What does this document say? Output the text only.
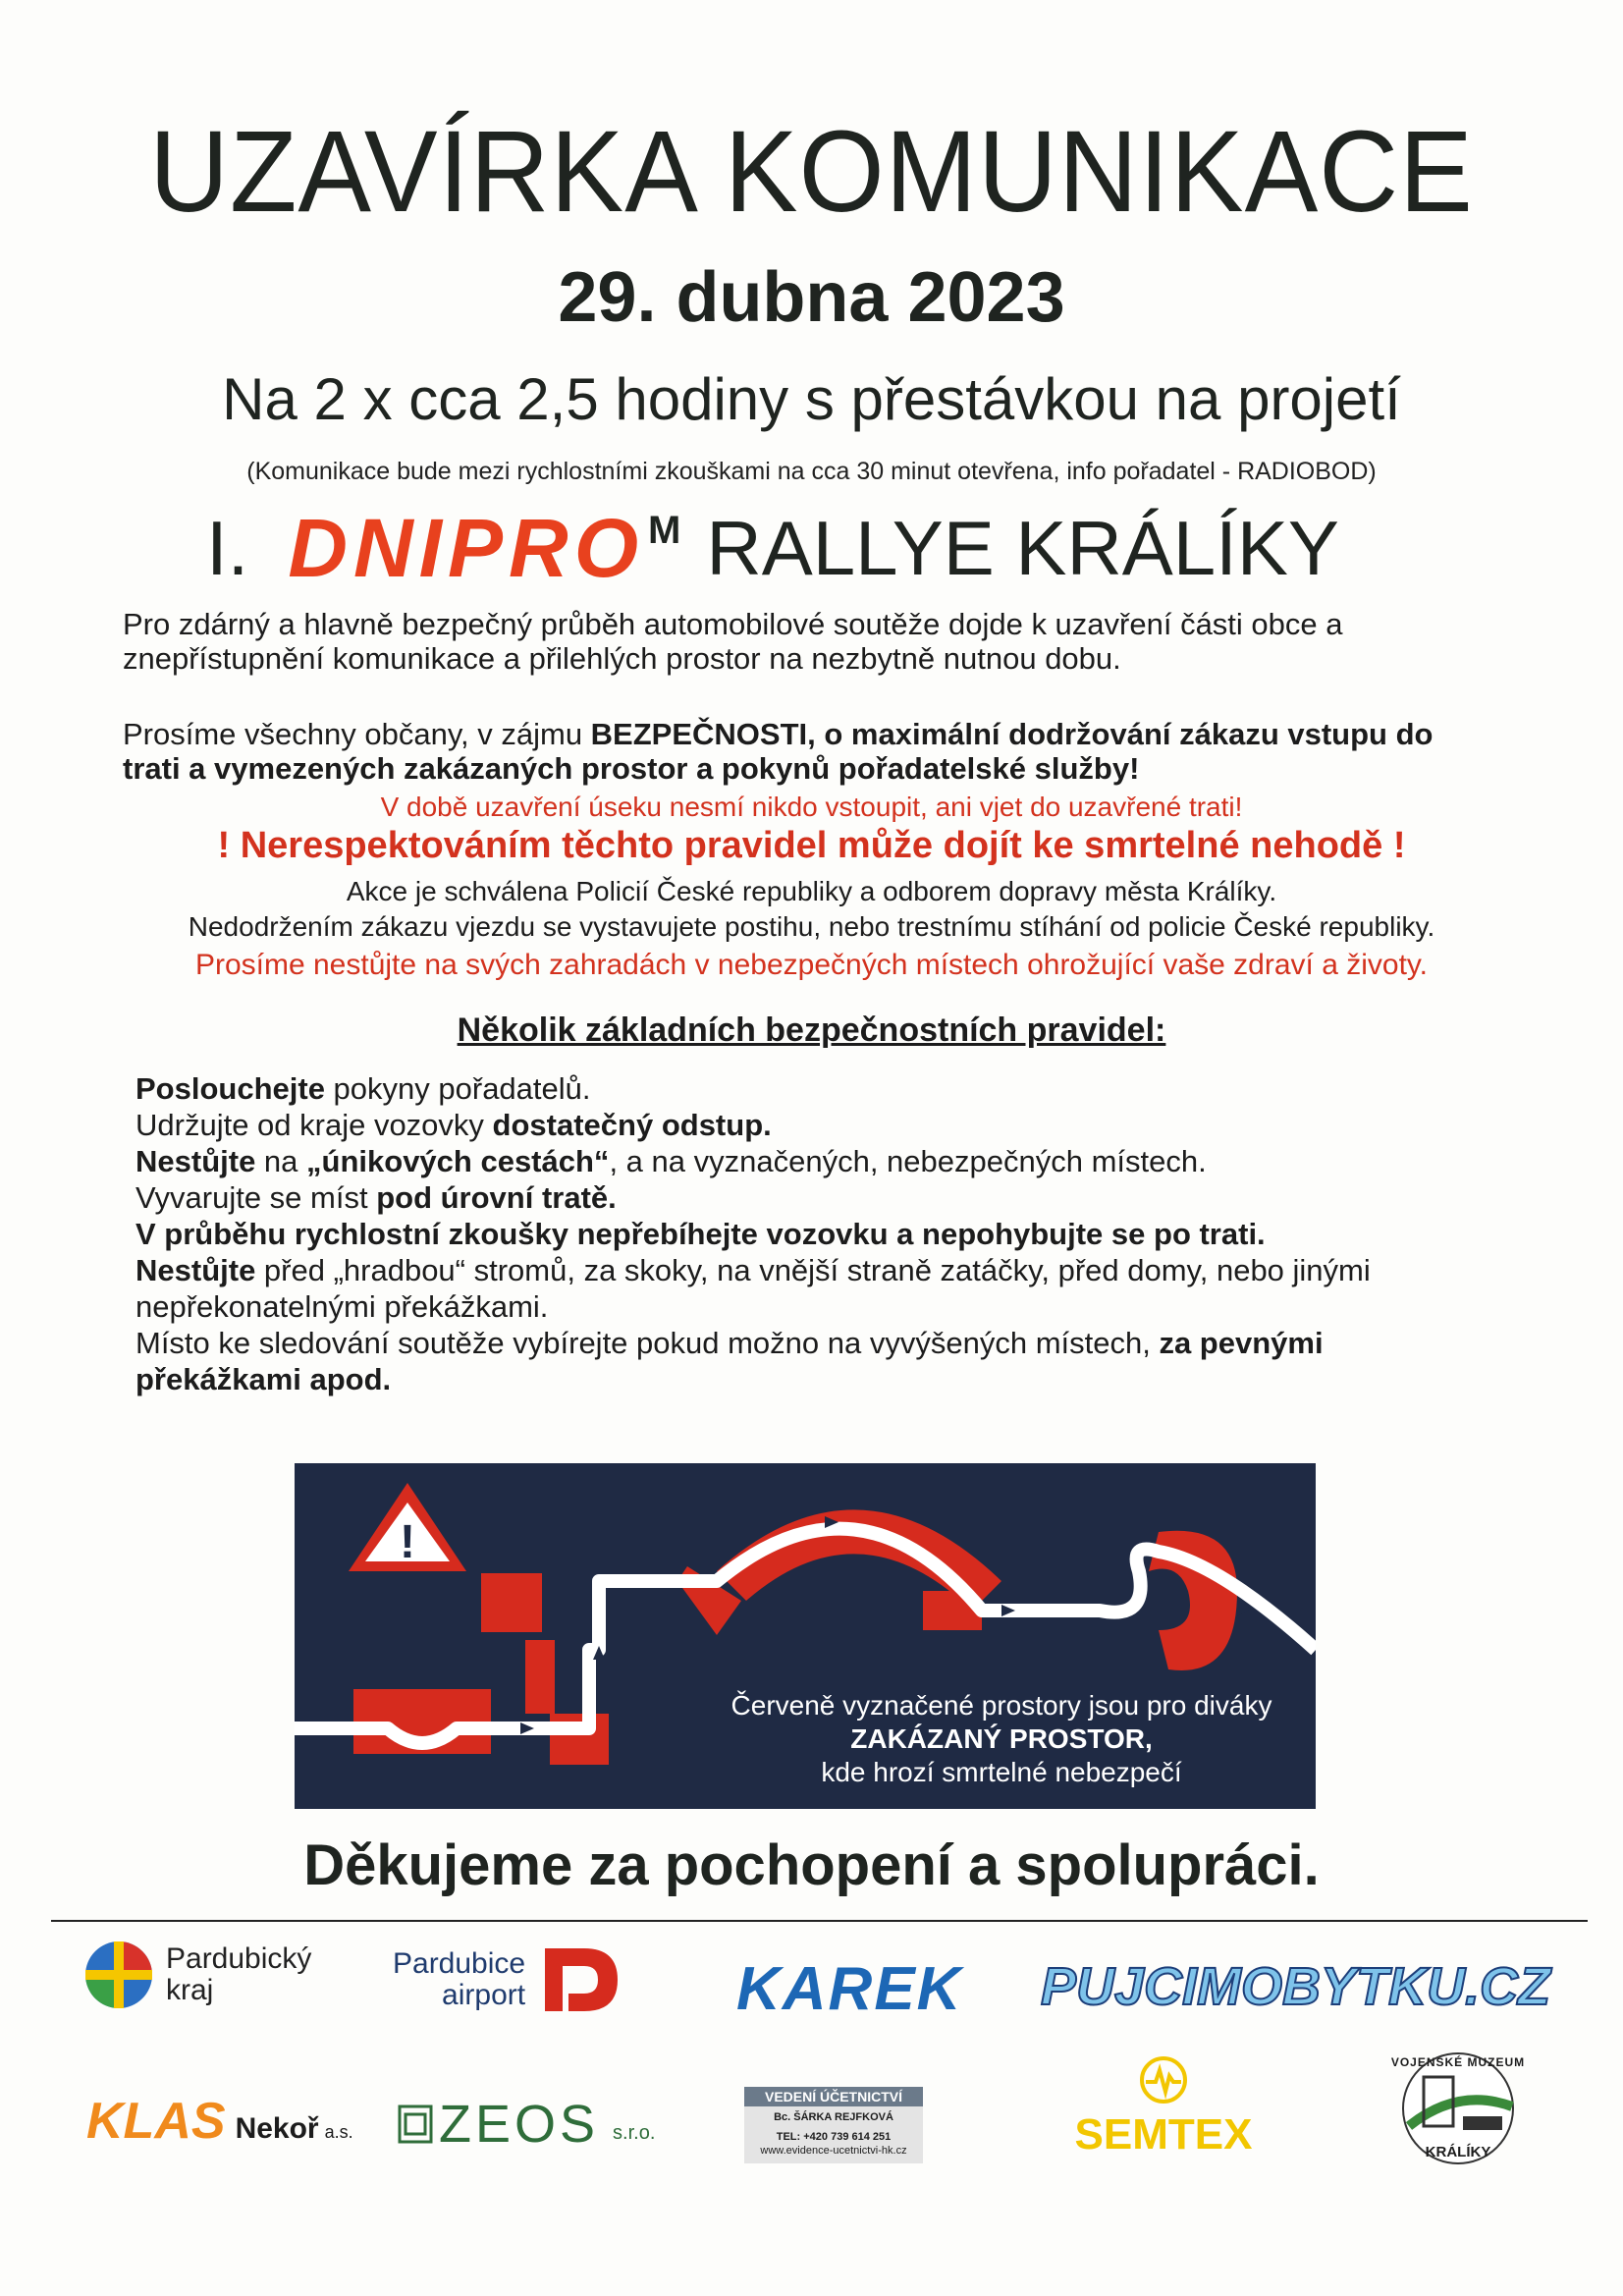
UZAVÍRKA KOMUNIKACE
29. dubna 2023
Na 2 x cca 2,5 hodiny s přestávkou na projetí
(Komunikace bude mezi rychlostními zkouškami na cca 30 minut otevřena, info pořadatel - RADIOBOD)
I. DNIPRO M RALLYE KRÁLÍKY
Pro zdárný a hlavně bezpečný průběh automobilové soutěže dojde k uzavření části obce a
znepřístupnění komunikace a přilehlých prostor na nezbytně nutnou dobu.
Prosíme všechny občany, v zájmu BEZPEČNOSTI, o maximální dodržování zákazu vstupu do
trati a vymezených zakázaných prostor a pokynů pořadatelské služby!
V době uzavření úseku nesmí nikdo vstoupit, ani vjet do uzavřené trati!
! Nerespektováním těchto pravidel může dojít ke smrtelné nehodě !
Akce je schválena Policií České republiky a odborem dopravy města Králíky.
Nedodržením zákazu vjezdu se vystavujete postihu, nebo trestnímu stíhání od policie České republiky.
Prosíme nestůjte na svých zahradách v nebezpečných místech ohrožující vaše zdraví a životy.
Několik základních bezpečnostních pravidel:
Poslouchejte pokyny pořadatelů.
Udržujte od kraje vozovky dostatečný odstup.
Nestůjte na „únikových cestách“, a na vyznačených, nebezpečných místech.
Vyvarujte se míst pod úrovní tratě.
V průběhu rychlostní zkoušky nepřebíhejte vozovku a nepohybujte se po trati.
Nestůjte před „hradbou“ stromů, za skoky, na vnější straně zatáčky, před domy, nebo jinými
nepřekonatelnými překážkami.
Místo ke sledování soutěže vybírejte pokud možno na vyvýšených místech, za pevnými
překážkami apod.
!
Červeně vyznačené prostory jsou pro diváky
ZAKÁZANÝ PROSTOR,
kde hrozí smrtelné nebezpečí
Děkujeme za pochopení a spolupráci.
Pardubický
kraj
Pardubice
airport	KAREK PUJCIMOBYTKU.CZ
KLAS Nekoř a.s. ZEOS s.r.o.
VEDENÍ ÚČETNICTVÍ
Bc. ŠÁRKA REJFKOVÁ
TEL: +420 739 614 251
www.evidence-ucetnictvi-hk.cz	SEMTEX
VOJENSKÉ MUZEUM
KRÁLÍKY
